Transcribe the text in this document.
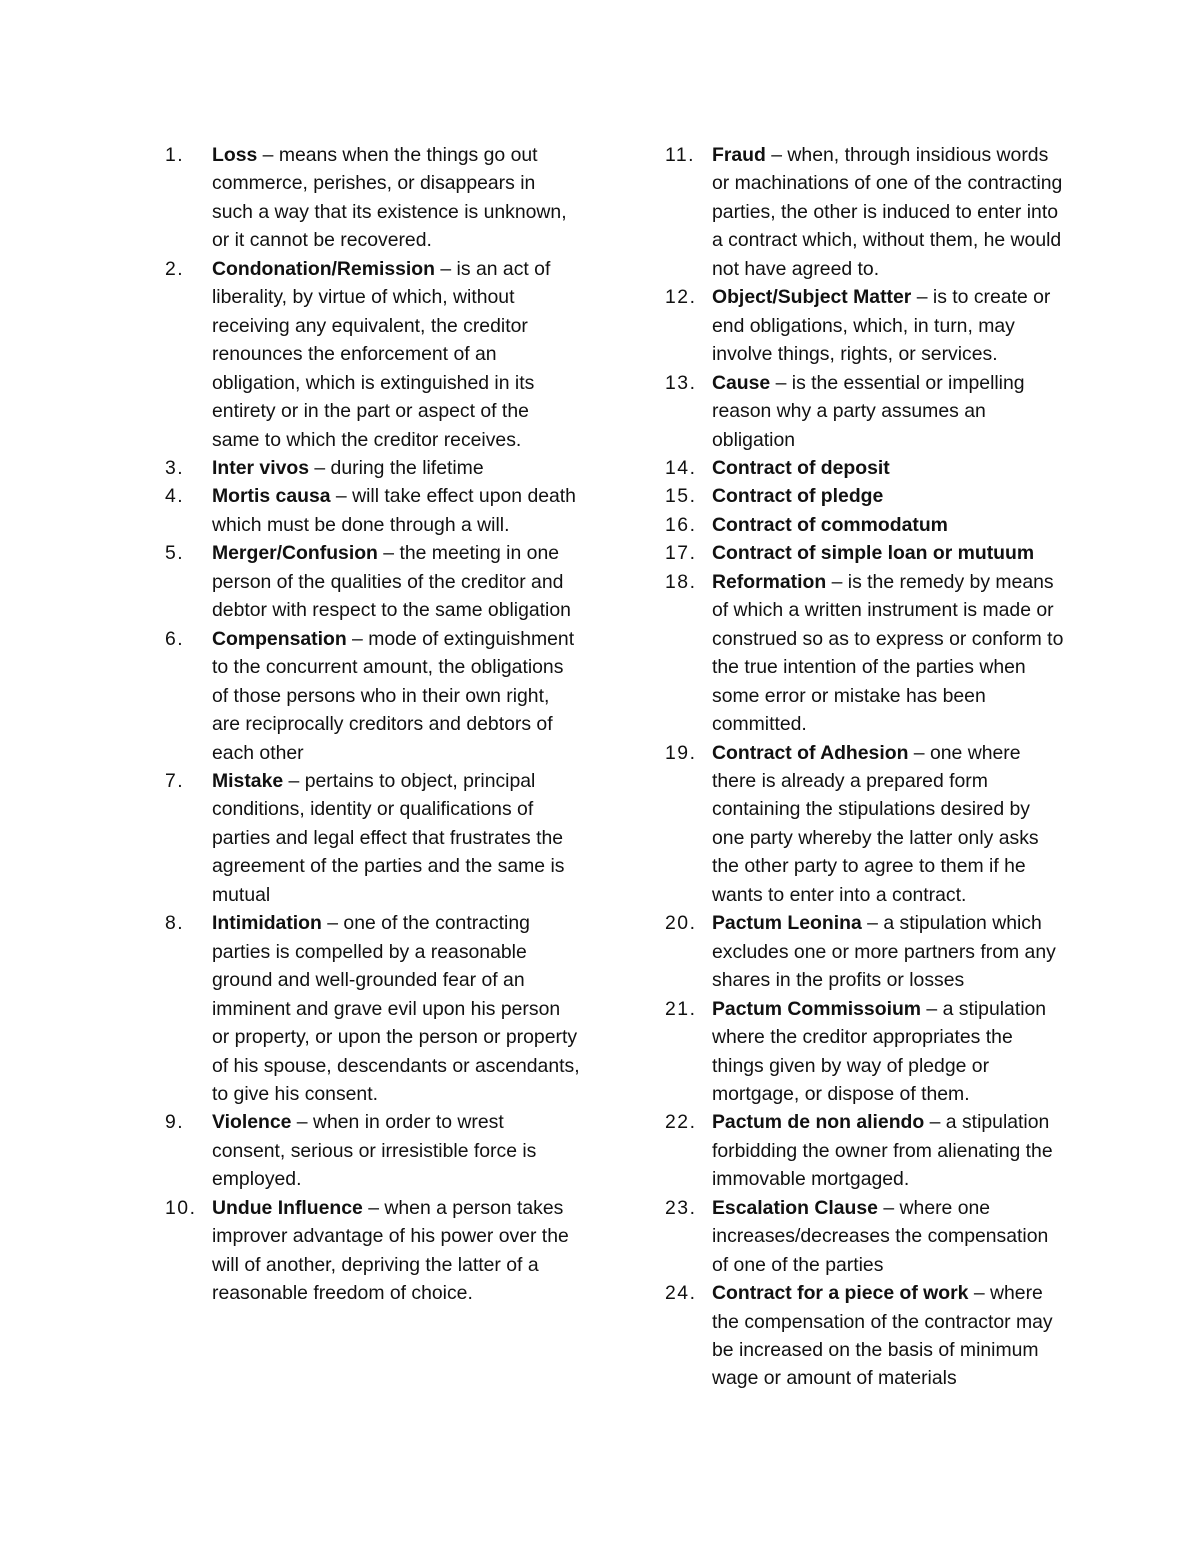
1.	Loss – means when the things go out commerce, perishes, or disappears in such a way that its existence is unknown, or it cannot be recovered.
2.	Condonation/Remission – is an act of liberality, by virtue of which, without receiving any equivalent, the creditor renounces the enforcement of an obligation, which is extinguished in its entirety or in the part or aspect of the same to which the creditor receives.
3.	Inter vivos – during the lifetime
4.	Mortis causa – will take effect upon death which must be done through a will.
5.	Merger/Confusion – the meeting in one person of the qualities of the creditor and debtor with respect to the same obligation
6.	Compensation – mode of extinguishment to the concurrent amount, the obligations of those persons who in their own right, are reciprocally creditors and debtors of each other
7.	Mistake – pertains to object, principal conditions, identity or qualifications of parties and legal effect that frustrates the agreement of the parties and the same is mutual
8.	Intimidation – one of the contracting parties is compelled by a reasonable ground and well-grounded fear of an imminent and grave evil upon his person or property, or upon the person or property of his spouse, descendants or ascendants, to give his consent.
9.	Violence – when in order to wrest consent, serious or irresistible force is employed.
10. Undue Influence – when a person takes improver advantage of his power over the will of another, depriving the latter of a reasonable freedom of choice.
11. Fraud – when, through insidious words or machinations of one of the contracting parties, the other is induced to enter into a contract which, without them, he would not have agreed to.
12. Object/Subject Matter – is to create or end obligations, which, in turn, may involve things, rights, or services.
13. Cause – is the essential or impelling reason why a party assumes an obligation
14. Contract of deposit
15. Contract of pledge
16. Contract of commodatum
17. Contract of simple loan or mutuum
18. Reformation – is the remedy by means of which a written instrument is made or construed so as to express or conform to the true intention of the parties when some error or mistake has been committed.
19. Contract of Adhesion – one where there is already a prepared form containing the stipulations desired by one party whereby the latter only asks the other party to agree to them if he wants to enter into a contract.
20. Pactum Leonina – a stipulation which excludes one or more partners from any shares in the profits or losses
21. Pactum Commissoium – a stipulation where the creditor appropriates the things given by way of pledge or mortgage, or dispose of them.
22. Pactum de non aliendo – a stipulation forbidding the owner from alienating the immovable mortgaged.
23. Escalation Clause – where one increases/decreases the compensation of one of the parties
24. Contract for a piece of work – where the compensation of the contractor may be increased on the basis of minimum wage or amount of materials
